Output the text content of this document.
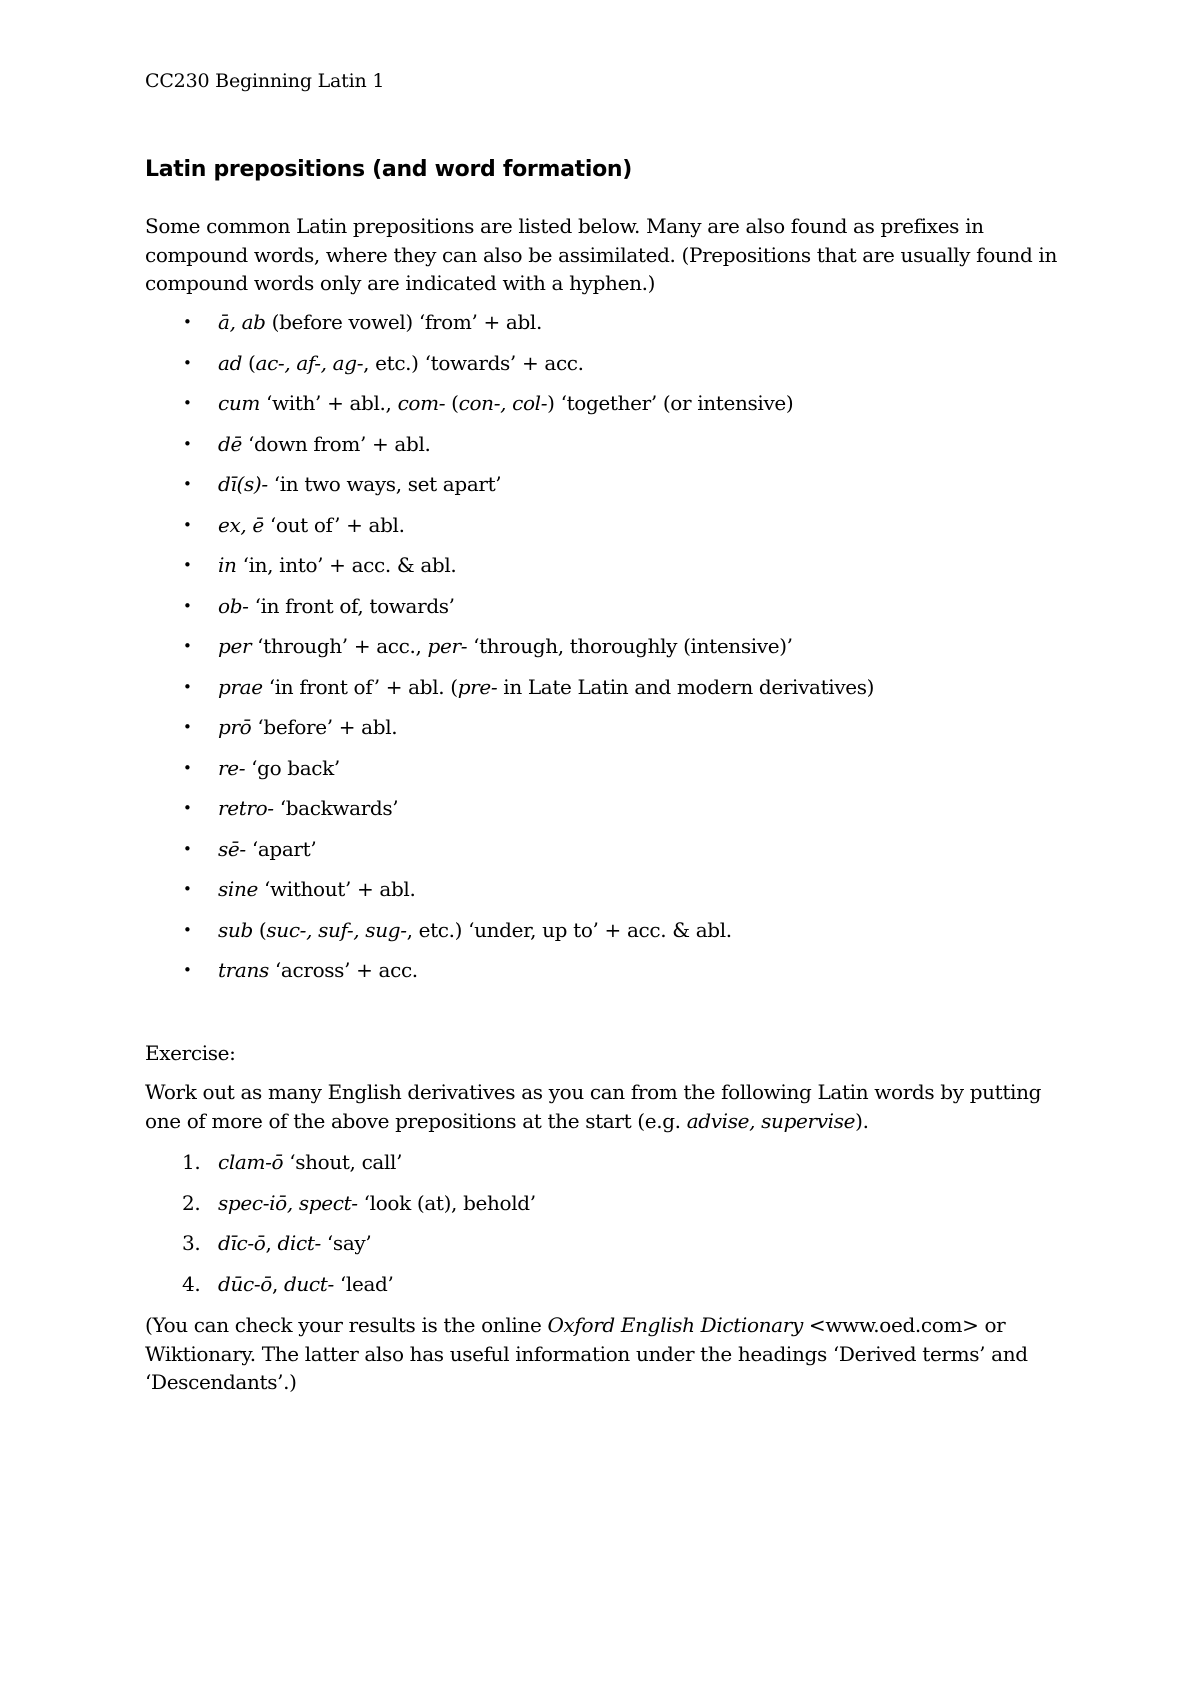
CC230 Beginning Latin 1
Latin prepositions (and word formation)

Some common Latin prepositions are listed below. Many are also found as prefixes in compound words, where they can also be assimilated. (Prepositions that are usually found in compound words only are indicated with a hyphen.)

• ā, ab (before vowel) ‘from’ + abl.
• ad (ac-, af-, ag-, etc.) ‘towards’ + acc.
• cum ‘with’ + abl., com- (con-, col-) ‘together’ (or intensive)
• dē ‘down from’ + abl.
• dī(s)- ‘in two ways, set apart’
• ex, ē ‘out of’ + abl.
• in ‘in, into’ + acc. & abl.
• ob- ‘in front of, towards’
• per ‘through’ + acc., per- ‘through, thoroughly (intensive)’
• prae ‘in front of’ + abl. (pre- in Late Latin and modern derivatives)
• prō ‘before’ + abl.
• re- ‘go back’
• retro- ‘backwards’
• sē- ‘apart’
• sine ‘without’ + abl.
• sub (suc-, suf-, sug-, etc.) ‘under, up to’ + acc. & abl.
• trans ‘across’ + acc.

Exercise:

Work out as many English derivatives as you can from the following Latin words by putting one of more of the above prepositions at the start (e.g. advise, supervise).

1. clam-ō ‘shout, call’
2. spec-iō, spect- ‘look (at), behold’
3. dīc-ō, dict- ‘say’
4. dūc-ō, duct- ‘lead’

(You can check your results is the online Oxford English Dictionary <www.oed.com> or Wiktionary. The latter also has useful information under the headings ‘Derived terms’ and ‘Descendants’.)
